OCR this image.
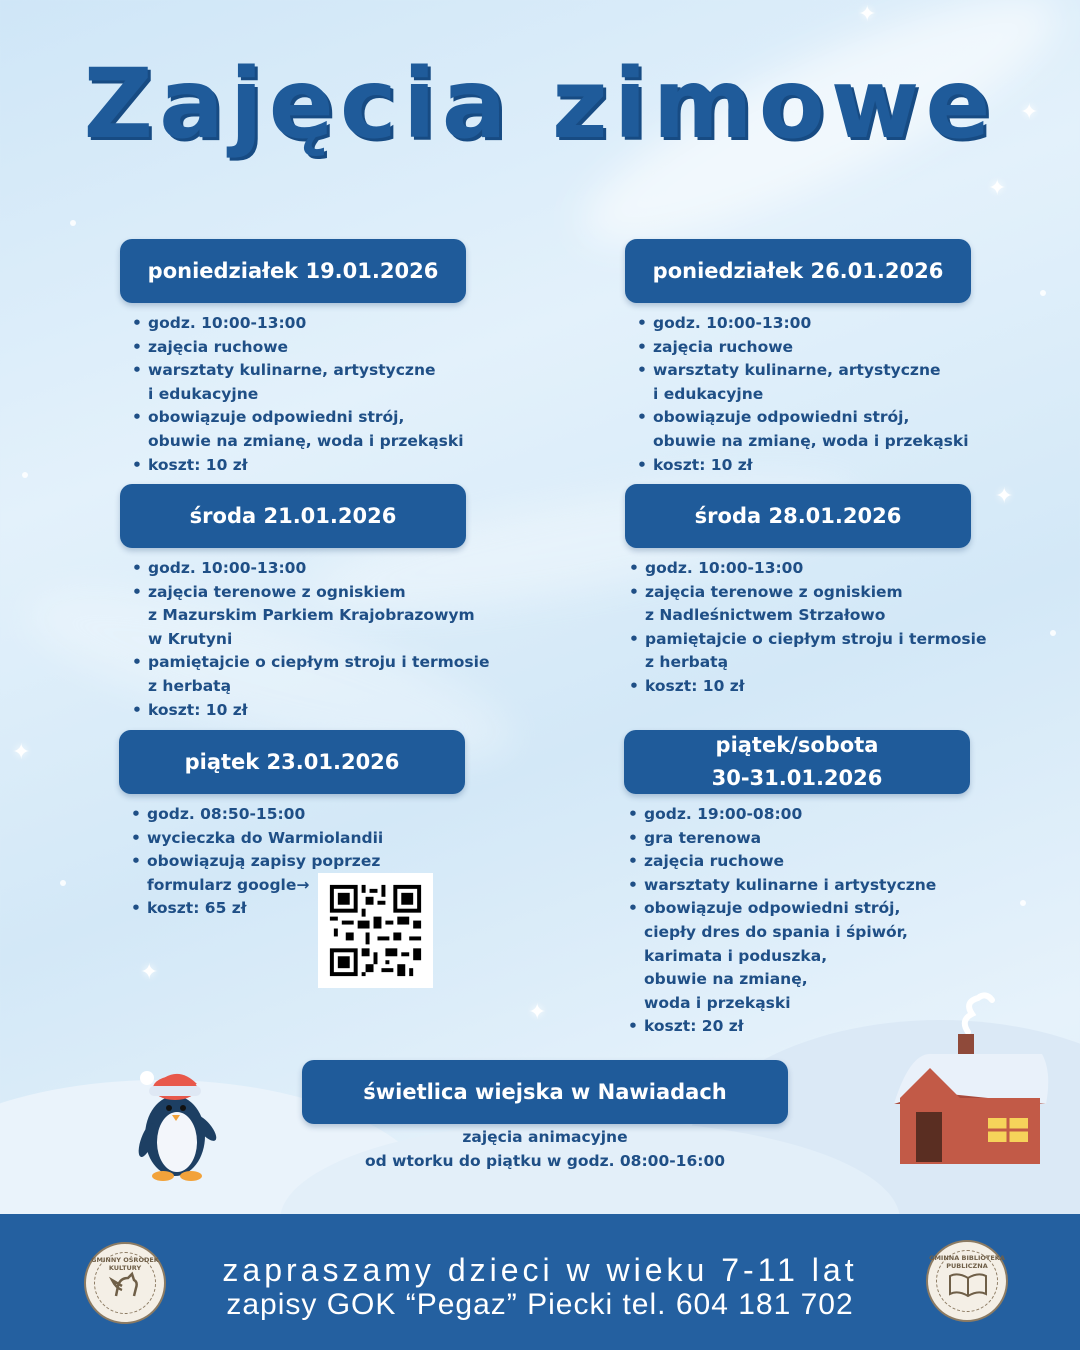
✦
✦
✦
✦
✦
✦
✦
Zajęcia zimowe
poniedziałek 19.01.2026
• godz. 10:00-13:00
• zajęcia ruchowe
• warsztaty kulinarne, artystyczne
i edukacyjne
• obowiązuje odpowiedni strój,
obuwie na zmianę, woda i przekąski
• koszt: 10 zł
poniedziałek 26.01.2026
• godz. 10:00-13:00
• zajęcia ruchowe
• warsztaty kulinarne, artystyczne
i edukacyjne
• obowiązuje odpowiedni strój,
obuwie na zmianę, woda i przekąski
• koszt: 10 zł
środa 21.01.2026
• godz. 10:00-13:00
• zajęcia terenowe z ogniskiem
z Mazurskim Parkiem Krajobrazowym
w Krutyni
• pamiętajcie o ciepłym stroju i termosie
z herbatą
• koszt: 10 zł
środa 28.01.2026
• godz. 10:00-13:00
• zajęcia terenowe z ogniskiem
z Nadleśnictwem Strzałowo
• pamiętajcie o ciepłym stroju i termosie
z herbatą
• koszt: 10 zł
piątek 23.01.2026
• godz. 08:50-15:00
• wycieczka do Warmiolandii
• obowiązują zapisy poprzez
formularz google→
• koszt: 65 zł
piątek/sobota
30-31.01.2026
• godz. 19:00-08:00
• gra terenowa
• zajęcia ruchowe
• warsztaty kulinarne i artystyczne
• obowiązuje odpowiedni strój,
ciepły dres do spania i śpiwór,
karimata i poduszka,
obuwie na zmianę,
woda i przekąski
• koszt: 20 zł
świetlica wiejska w Nawiadach
zajęcia animacyjne
od wtorku do piątku w godz. 08:00-16:00
GMINNY OŚRODEK KULTURY	zapraszamy dzieci w wieku 7-11 lat
zapisy GOK “Pegaz” Piecki tel. 604 181 702
GMINNA BIBLIOTEKA PUBLICZNA
